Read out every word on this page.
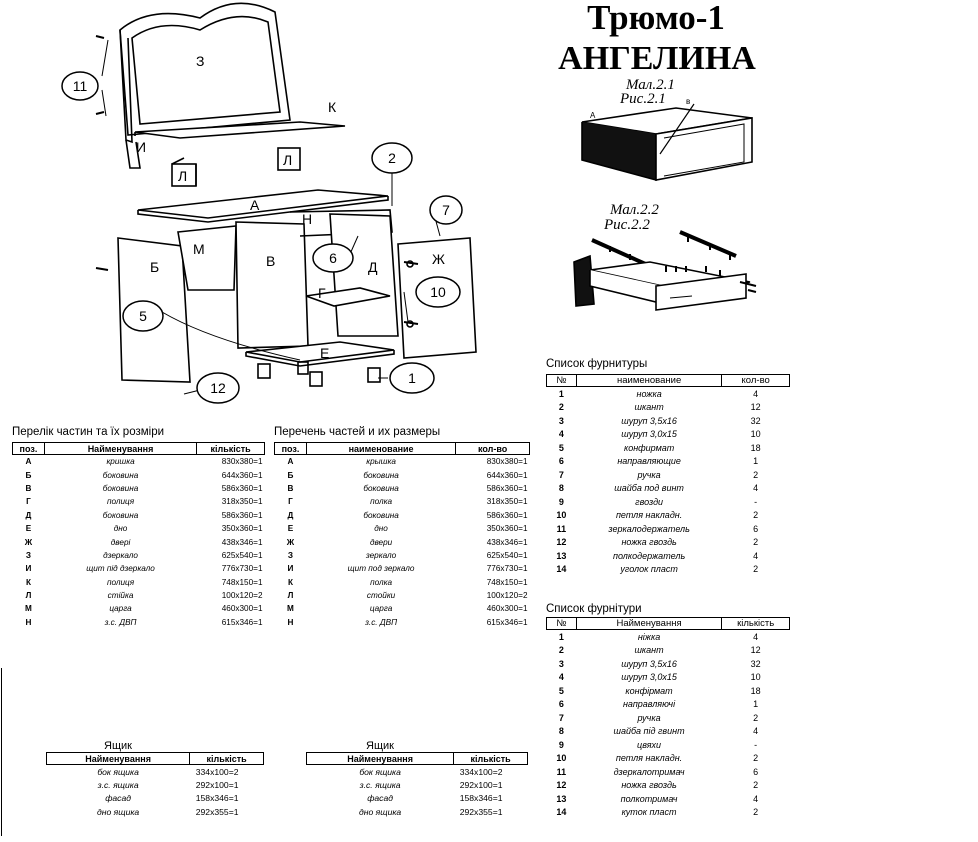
Трюмо-1
АНГЕЛИНА
З
К
И
Л
Л
А
Н
Б
М
В	Д	Ж
Г
Е
11
2
7
6
10
5
1
12
Мал.2.1
Рис.2.1
А
в
Мал.2.2
Рис.2.2
Перелік частин та їх розміри
поз.	Найменування	кількість
А	кришка	830х380=1
Б	боковина	644х360=1
В	боковина	586х360=1
Г	полиця	318х350=1
Д	боковина	586х360=1
Е	дно	350х360=1
Ж	двері	438х346=1
З	дзеркало	625х540=1
И	щит під дзеркало	776х730=1
К	полиця	748х150=1
Л	стійка	100х120=2
М	царга	460х300=1
Н	з.с. ДВП	615х346=1
Перечень частей и их размеры
поз.	наименование	кол-во
А	крышка	830х380=1
Б	боковина	644х360=1
В	боковина	586х360=1
Г	полка	318х350=1
Д	боковина	586х360=1
Е	дно	350х360=1
Ж	двери	438х346=1
З	зеркало	625х540=1
И	щит под зеркало	776х730=1
К	полка	748х150=1
Л	стойки	100х120=2
М	царга	460х300=1
Н	з.с. ДВП	615х346=1
Список фурнитуры
№	наименование	кол-во
1	ножка	4
2	шкант	12
3	шуруп 3,5х16	32
4	шуруп 3,0х15	10
5	конфирмат	18
6	направляющие	1
7	ручка	2
8	шайба под винт	4
9	гвозди	-
10	петля накладн.	2
11	зеркалодержатель	6
12	ножка гвоздь	2
13	полкодержатель	4
14	уголок пласт	2
Список фурнітури
№	Найменування	кількість
1	ніжка	4
2	шкант	12
3	шуруп 3,5х16	32
4	шуруп 3,0х15	10
5	конфірмат	18
6	направляючі	1
7	ручка	2
8	шайба під гвинт	4
9	цвяхи	-
10	петля накладн.	2
11	дзеркалотримач	6
12	ножка гвоздь	2
13	полкотримач	4
14	куток пласт	2
Ящик
Найменування	кількість
бок ящика	334х100=2
з.с. ящика	292х100=1
фасад	158х346=1
дно ящика	292х355=1
Ящик
Найменування	кількість
бок ящика	334х100=2
з.с. ящика	292х100=1
фасад	158х346=1
дно ящика	292х355=1
